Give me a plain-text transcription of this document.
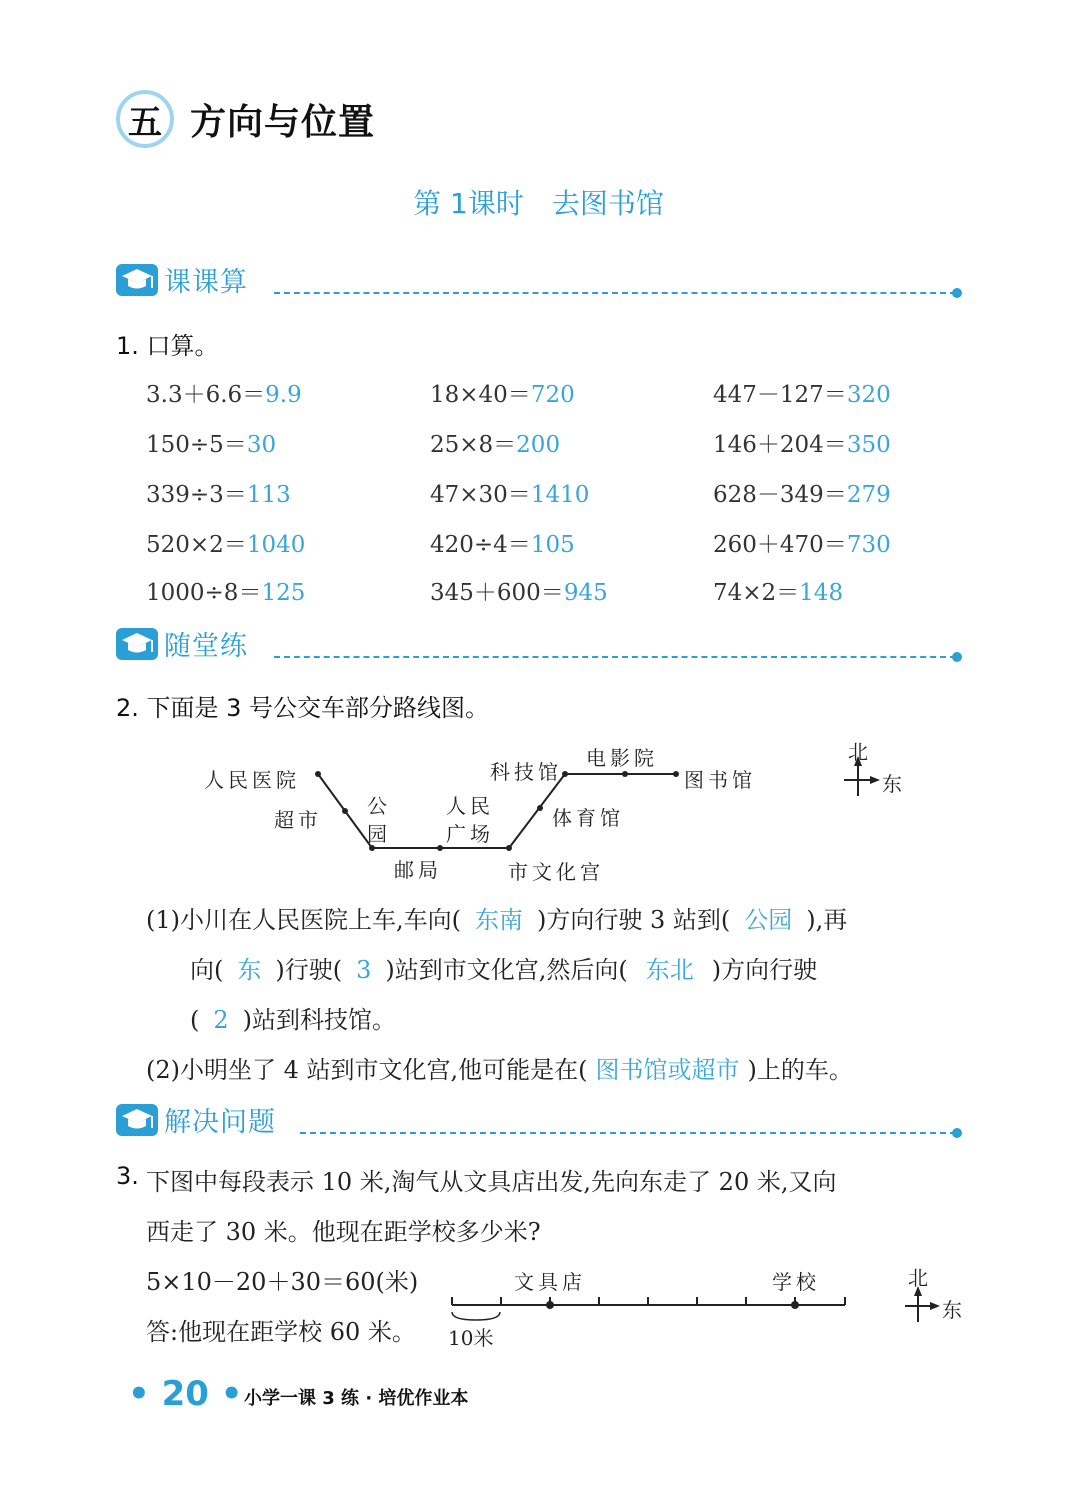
五 方向与位置
第 1课时　去图书馆
课课算
1. 口算。
3.3＋6.6＝9.9	18×40＝720	447－127＝320
150÷5＝30	25×8＝200	146＋204＝350
339÷3＝113	47×30＝1410	628－349＝279
520×2＝1040	420÷4＝105	260＋470＝730
1000÷8＝125	345＋600＝945	74×2＝148
随堂练
2. 下面是 3 号公交车部分路线图。
人民医院
超市
公
园
邮局
人民
广场
市文化宫
体育馆
科技馆
电影院
图书馆
北
东
(1)小川在人民医院上车,车向( 东南 )方向行驶 3 站到( 公园 ),再
向( 东 )行驶( 3 )站到市文化宫,然后向( 东北 )方向行驶
( 2 )站到科技馆。
(2)小明坐了 4 站到市文化宫,他可能是在( 图书馆或超市 )上的车。
解决问题
3. 下图中每段表示 10 米,淘气从文具店出发,先向东走了 20 米,又向
西走了 30 米。他现在距学校多少米?
5×10－20＋30＝60(米)
答:他现在距学校 60 米。
文具店	学校
10米
北
东
• 20 • 小学一课 3 练 · 培优作业本
